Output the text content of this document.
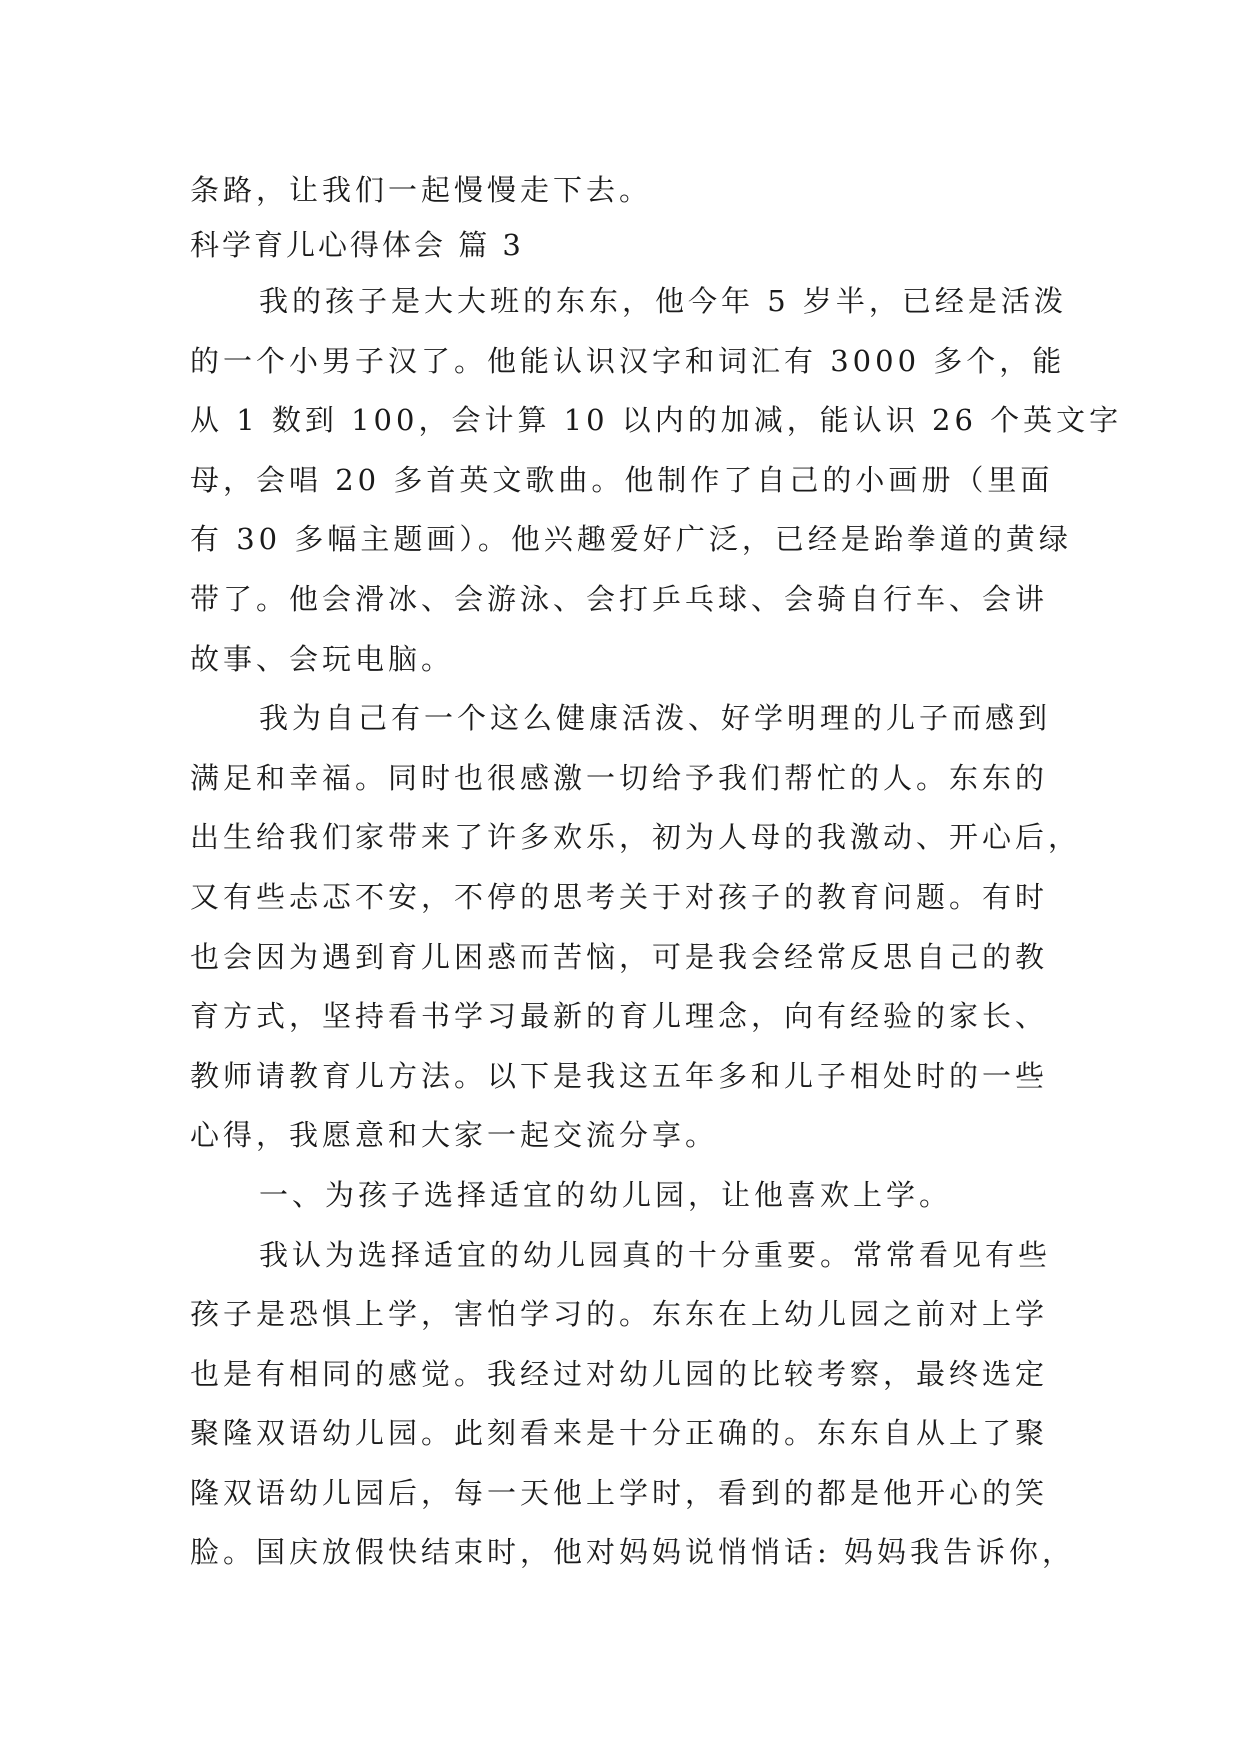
条路，让我们一起慢慢走下去。
科学育儿心得体会 篇 3
我的孩子是大大班的东东，他今年 5 岁半，已经是活泼
的一个小男子汉了。他能认识汉字和词汇有 3000 多个，能
从 1 数到 100，会计算 10 以内的加减，能认识 26 个英文字
母，会唱 20 多首英文歌曲。他制作了自己的小画册（里面
有 30 多幅主题画）。他兴趣爱好广泛，已经是跆拳道的黄绿
带了。他会滑冰、会游泳、会打乒乓球、会骑自行车、会讲
故事、会玩电脑。
我为自己有一个这么健康活泼、好学明理的儿子而感到
满足和幸福。同时也很感激一切给予我们帮忙的人。东东的
出生给我们家带来了许多欢乐，初为人母的我激动、开心后，
又有些忐忑不安，不停的思考关于对孩子的教育问题。有时
也会因为遇到育儿困惑而苦恼，可是我会经常反思自己的教
育方式，坚持看书学习最新的育儿理念，向有经验的家长、
教师请教育儿方法。以下是我这五年多和儿子相处时的一些
心得，我愿意和大家一起交流分享。
一、为孩子选择适宜的幼儿园，让他喜欢上学。
我认为选择适宜的幼儿园真的十分重要。常常看见有些
孩子是恐惧上学，害怕学习的。东东在上幼儿园之前对上学
也是有相同的感觉。我经过对幼儿园的比较考察，最终选定
聚隆双语幼儿园。此刻看来是十分正确的。东东自从上了聚
隆双语幼儿园后，每一天他上学时，看到的都是他开心的笑
脸。国庆放假快结束时，他对妈妈说悄悄话: 妈妈我告诉你，
